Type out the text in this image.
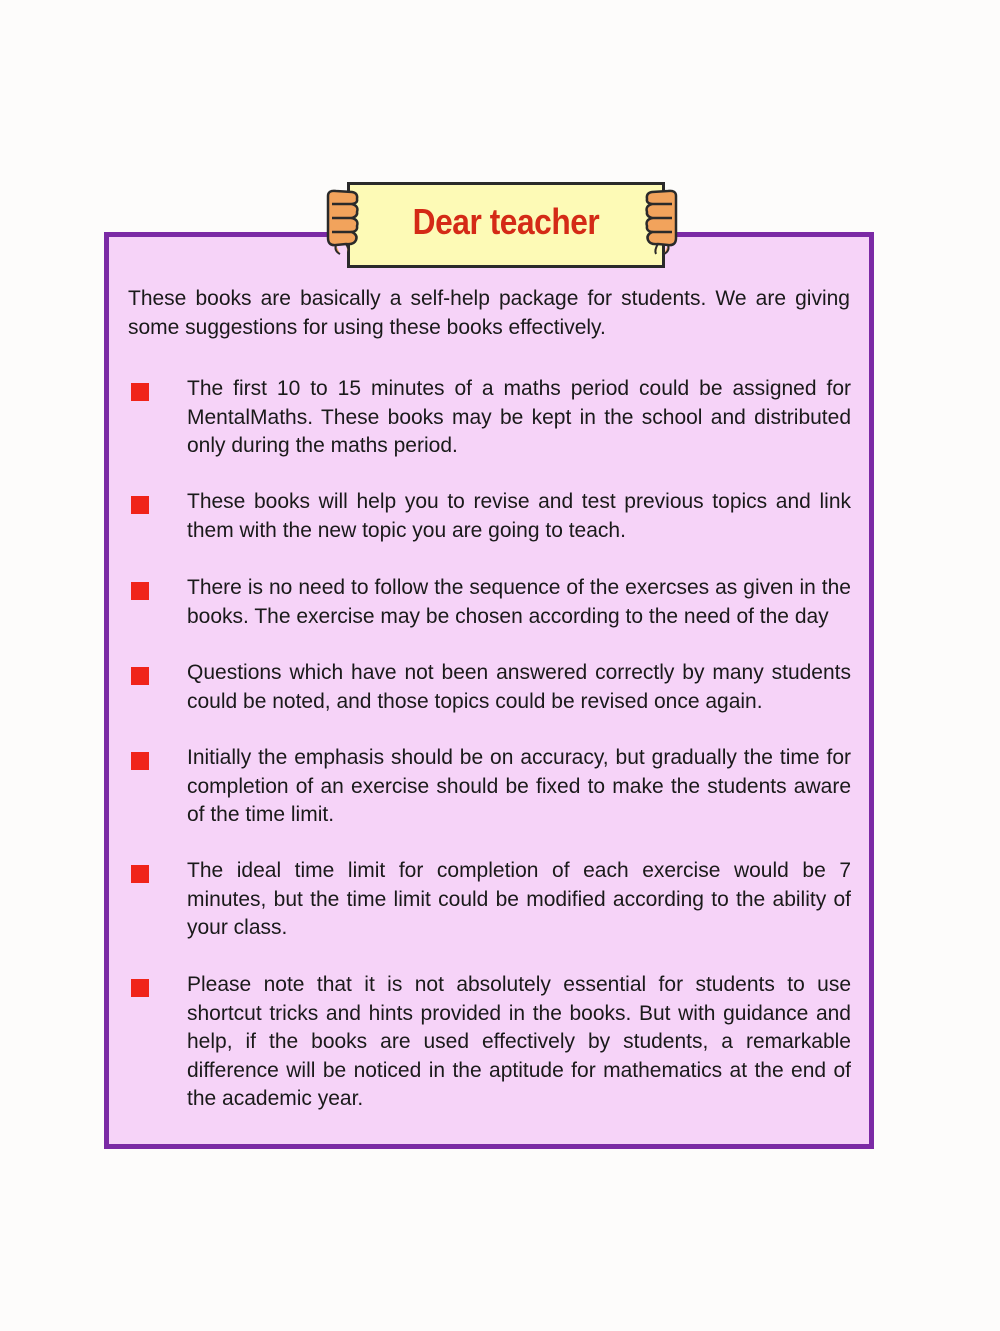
Dear teacher

These books are basically a self-help package for students. We are giving some suggestions for using these books effectively.

The first 10 to 15 minutes of a maths period could be assigned for MentalMaths. These books may be kept in the school and distributed only during the maths period.
These books will help you to revise and test previous topics and link them with the new topic you are going to teach.
There is no need to follow the sequence of the exercses as given in the books. The exercise may be chosen according to the need of the day
Questions which have not been answered correctly by many students could be noted, and those topics could be revised once again.
Initially the emphasis should be on accuracy, but gradually the time for completion of an exercise should be fixed to make the students aware of the time limit.
The ideal time limit for completion of each exercise would be 7 minutes, but the time limit could be modified according to the ability of your class.
Please note that it is not absolutely essential for students to use shortcut tricks and hints provided in the books. But with guidance and help, if the books are used effectively by students, a remarkable difference will be noticed in the aptitude for mathematics at the end of the academic year.
